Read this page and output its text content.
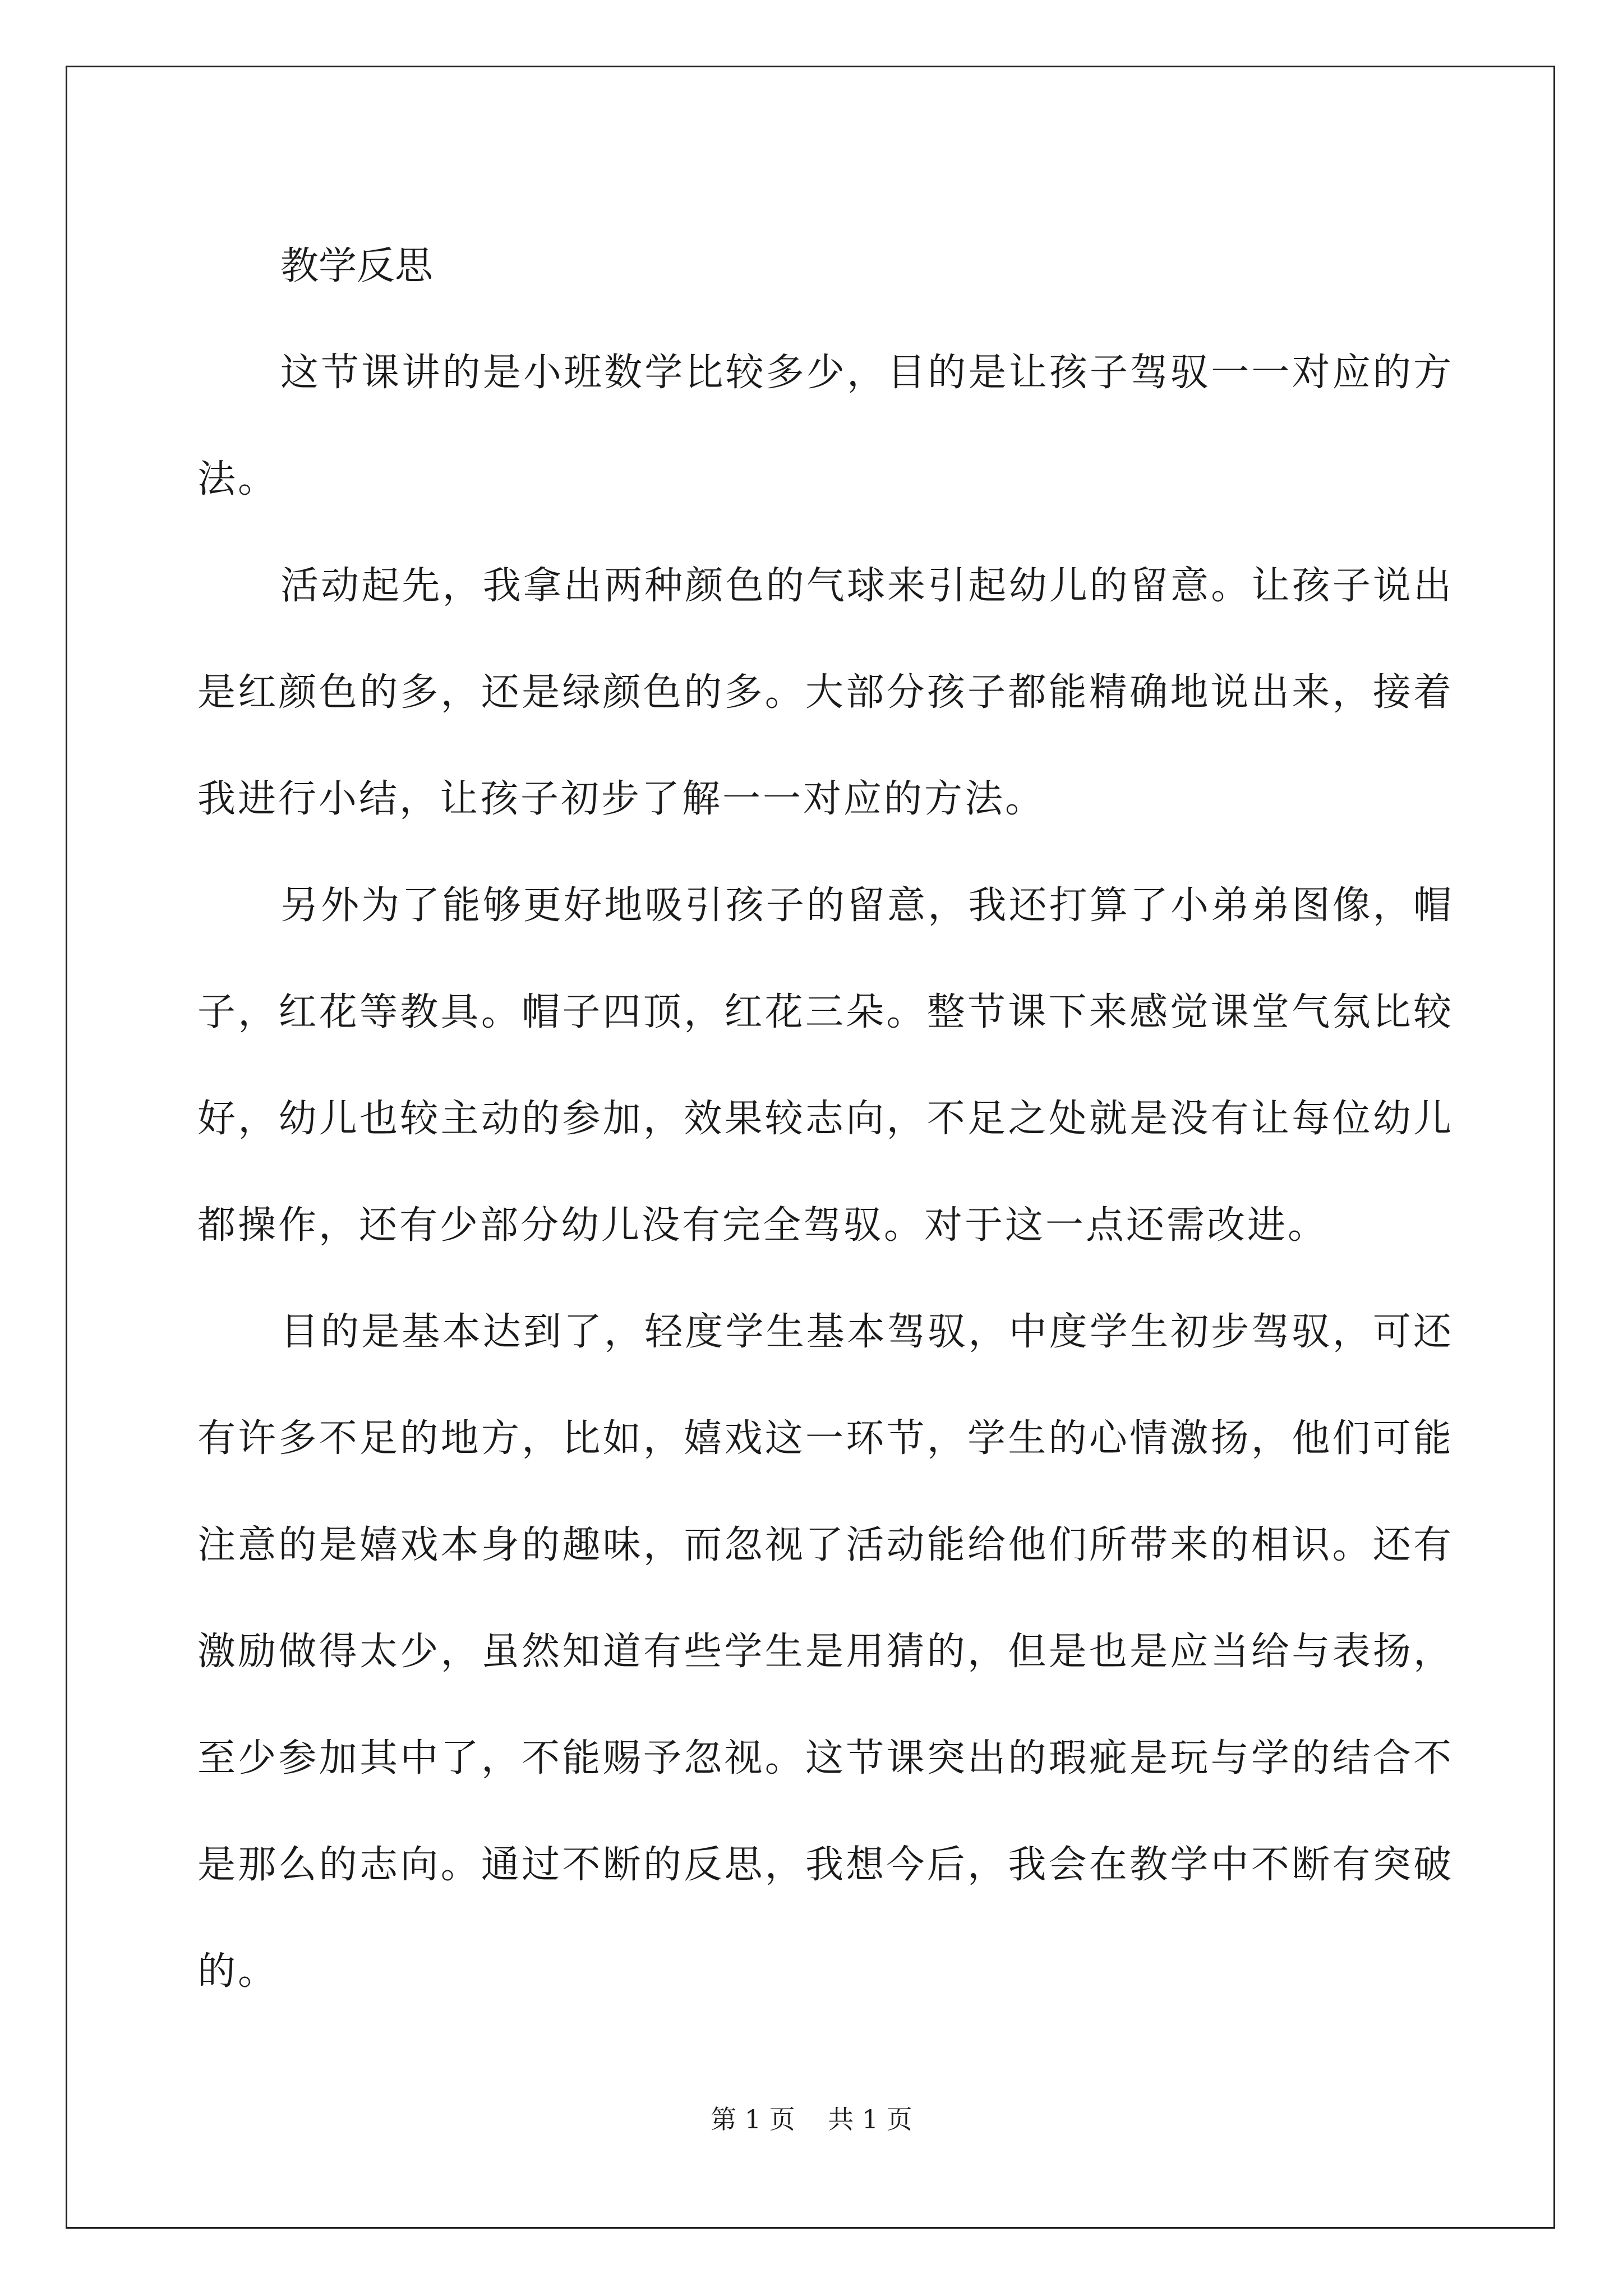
教学反思

这节课讲的是小班数学比较多少，目的是让孩子驾驭一一对应的方法。

活动起先，我拿出两种颜色的气球来引起幼儿的留意。让孩子说出是红颜色的多，还是绿颜色的多。大部分孩子都能精确地说出来，接着我进行小结，让孩子初步了解一一对应的方法。

另外为了能够更好地吸引孩子的留意，我还打算了小弟弟图像，帽子，红花等教具。帽子四顶，红花三朵。整节课下来感觉课堂气氛比较好，幼儿也较主动的参加，效果较志向，不足之处就是没有让每位幼儿都操作，还有少部分幼儿没有完全驾驭。对于这一点还需改进。

目的是基本达到了，轻度学生基本驾驭，中度学生初步驾驭，可还有许多不足的地方，比如，嬉戏这一环节，学生的心情激扬，他们可能注意的是嬉戏本身的趣味，而忽视了活动能给他们所带来的相识。还有激励做得太少，虽然知道有些学生是用猜的，但是也是应当给与表扬，至少参加其中了，不能赐予忽视。这节课突出的瑕疵是玩与学的结合不是那么的志向。通过不断的反思，我想今后，我会在教学中不断有突破的。

第 1 页    共 1 页
